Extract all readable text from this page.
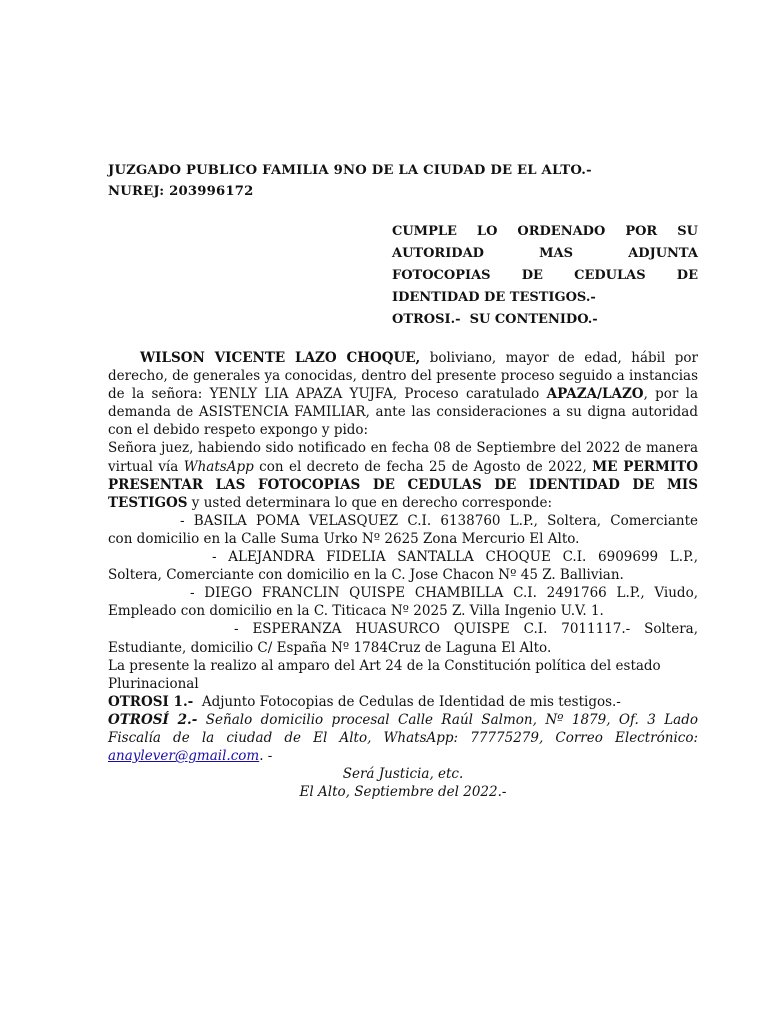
JUZGADO PUBLICO FAMILIA 9NO DE LA CIUDAD DE EL ALTO.-
NUREJ: 203996172
CUMPLE LO ORDENADO POR SU
AUTORIDAD	MAS	ADJUNTA
FOTOCOPIAS DE CEDULAS DE
IDENTIDAD DE TESTIGOS.-
OTROSI.-  SU CONTENIDO.-

WILSON VICENTE LAZO CHOQUE, boliviano, mayor de edad, hábil por derecho, de generales ya conocidas, dentro del presente proceso seguido a instancias de la señora: YENLY LIA APAZA YUJFA, Proceso caratulado APAZA/LAZO, por la demanda de ASISTENCIA FAMILIAR, ante las consideraciones a su digna autoridad con el debido respeto expongo y pido:

Señora juez, habiendo sido notificado en fecha 08 de Septiembre del 2022 de manera virtual vía WhatsApp con el decreto de fecha 25 de Agosto de 2022, ME PERMITO PRESENTAR LAS FOTOCOPIAS DE CEDULAS DE IDENTIDAD DE MIS TESTIGOS y usted determinara lo que en derecho corresponde:

- BASILA POMA VELASQUEZ C.I. 6138760 L.P., Soltera, Comerciante

con domicilio en la Calle Suma Urko Nº 2625 Zona Mercurio El Alto.

- ALEJANDRA FIDELIA SANTALLA CHOQUE C.I. 6909699 L.P.,

Soltera, Comerciante con domicilio en la C. Jose Chacon Nº 45 Z. Ballivian.

- DIEGO FRANCLIN QUISPE CHAMBILLA C.I. 2491766 L.P., Viudo,

Empleado con domicilio en la C. Titicaca Nº 2025 Z. Villa Ingenio U.V. 1.

- ESPERANZA HUASURCO QUISPE C.I. 7011117.- Soltera,

Estudiante, domicilio C/ España Nº 1784Cruz de Laguna El Alto.

La presente la realizo al amparo del Art 24 de la Constitución política del estado Plurinacional

OTROSI 1.-  Adjunto Fotocopias de Cedulas de Identidad de mis testigos.-

OTROSÍ 2.- Señalo domicilio procesal Calle Raúl Salmon, Nº 1879, Of. 3 Lado Fiscalía de la ciudad de El Alto, WhatsApp: 77775279, Correo Electrónico: anaylever@gmail.com. -

Será Justicia, etc.

El Alto, Septiembre del 2022.-
